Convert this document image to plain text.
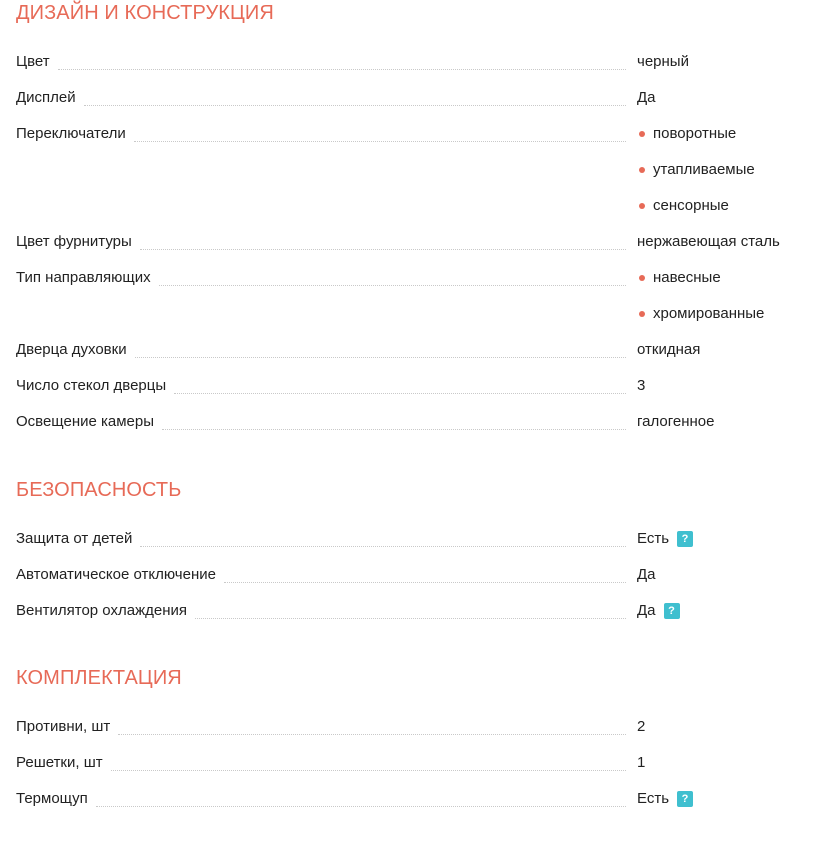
ДИЗАЙН И КОНСТРУКЦИЯ
Цвет	черный
Дисплей	Да
Переключатели	поворотные
утапливаемые
сенсорные
Цвет фурнитуры	нержавеющая сталь
Тип направляющих	навесные
хромированные
Дверца духовки	откидная
Число стекол дверцы	3
Освещение камеры	галогенное
БЕЗОПАСНОСТЬ
Защита от детей	Есть	?
Автоматическое отключение	Да
Вентилятор охлаждения	Да	?
КОМПЛЕКТАЦИЯ
Противни, шт	2
Решетки, шт	1
Термощуп	Есть	?
